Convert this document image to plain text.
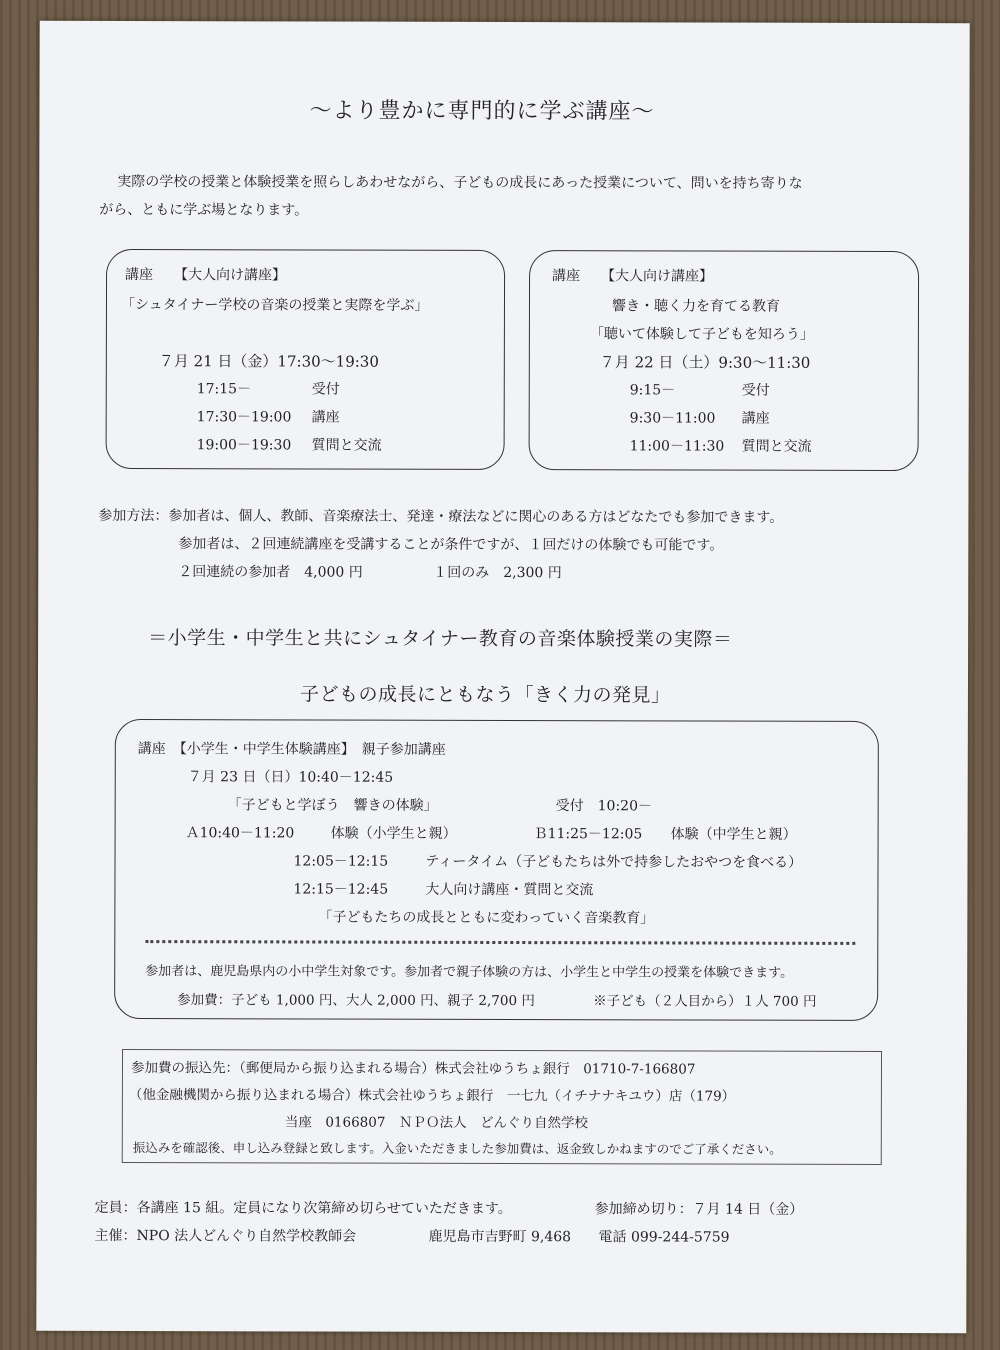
～より豊かに専門的に学ぶ講座～
実際の学校の授業と体験授業を照らしあわせながら、子どもの成長にあった授業について、問いを持ち寄りな
がら、ともに学ぶ場となります。
講座　　【大人向け講座】
「シュタイナー学校の音楽の授業と実際を学ぶ」
７月 21 日（金）17:30～19:30
17:15－	受付
17:30－19:00 講座
19:00－19:30 質問と交流
講座　　【大人向け講座】
響き・聴く力を育てる教育
「聴いて体験して子どもを知ろう」
７月 22 日（土）9:30～11:30
9:15－	受付
9:30－11:00 講座
11:00－11:30 質問と交流
参加方法：参加者は、個人、教師、音楽療法士、発達・療法などに関心のある方はどなたでも参加できます。
参加者は、２回連続講座を受講することが条件ですが、１回だけの体験でも可能です。
２回連続の参加者　4,000 円	１回のみ　2,300 円
＝小学生・中学生と共にシュタイナー教育の音楽体験授業の実際＝
子どもの成長にともなう「きく力の発見」
講座　【小学生・中学生体験講座】　親子参加講座
７月 23 日（日）10:40－12:45
「子どもと学ぼう　響きの体験」	受付　10:20－
Ａ10:40－11:20	体験（小学生と親）	Ｂ11:25－12:05 体験（中学生と親）
12:05－12:15	ティータイム（子どもたちは外で持参したおやつを食べる）
12:15－12:45	大人向け講座・質問と交流
「子どもたちの成長とともに変わっていく音楽教育」
参加者は、鹿児島県内の小中学生対象です。参加者で親子体験の方は、小学生と中学生の授業を体験できます。
参加費：子ども 1,000 円、大人 2,000 円、親子 2,700 円	※子ども（２人目から）１人 700 円
参加費の振込先：（郵便局から振り込まれる場合）株式会社ゆうちょ銀行　01710-7-166807
（他金融機関から振り込まれる場合）株式会社ゆうちょ銀行　一七九（イチナナキユウ）店（179）
当座　0166807　ＮＰＯ法人　どんぐり自然学校
振込みを確認後、申し込み登録と致します。入金いただきました参加費は、返金致しかねますのでご了承ください。
定員：各講座 15 組。定員になり次第締め切らせていただきます。	参加締め切り：７月 14 日（金）
主催：NPO 法人どんぐり自然学校教師会	鹿児島市吉野町 9,468 電話 099-244-5759
